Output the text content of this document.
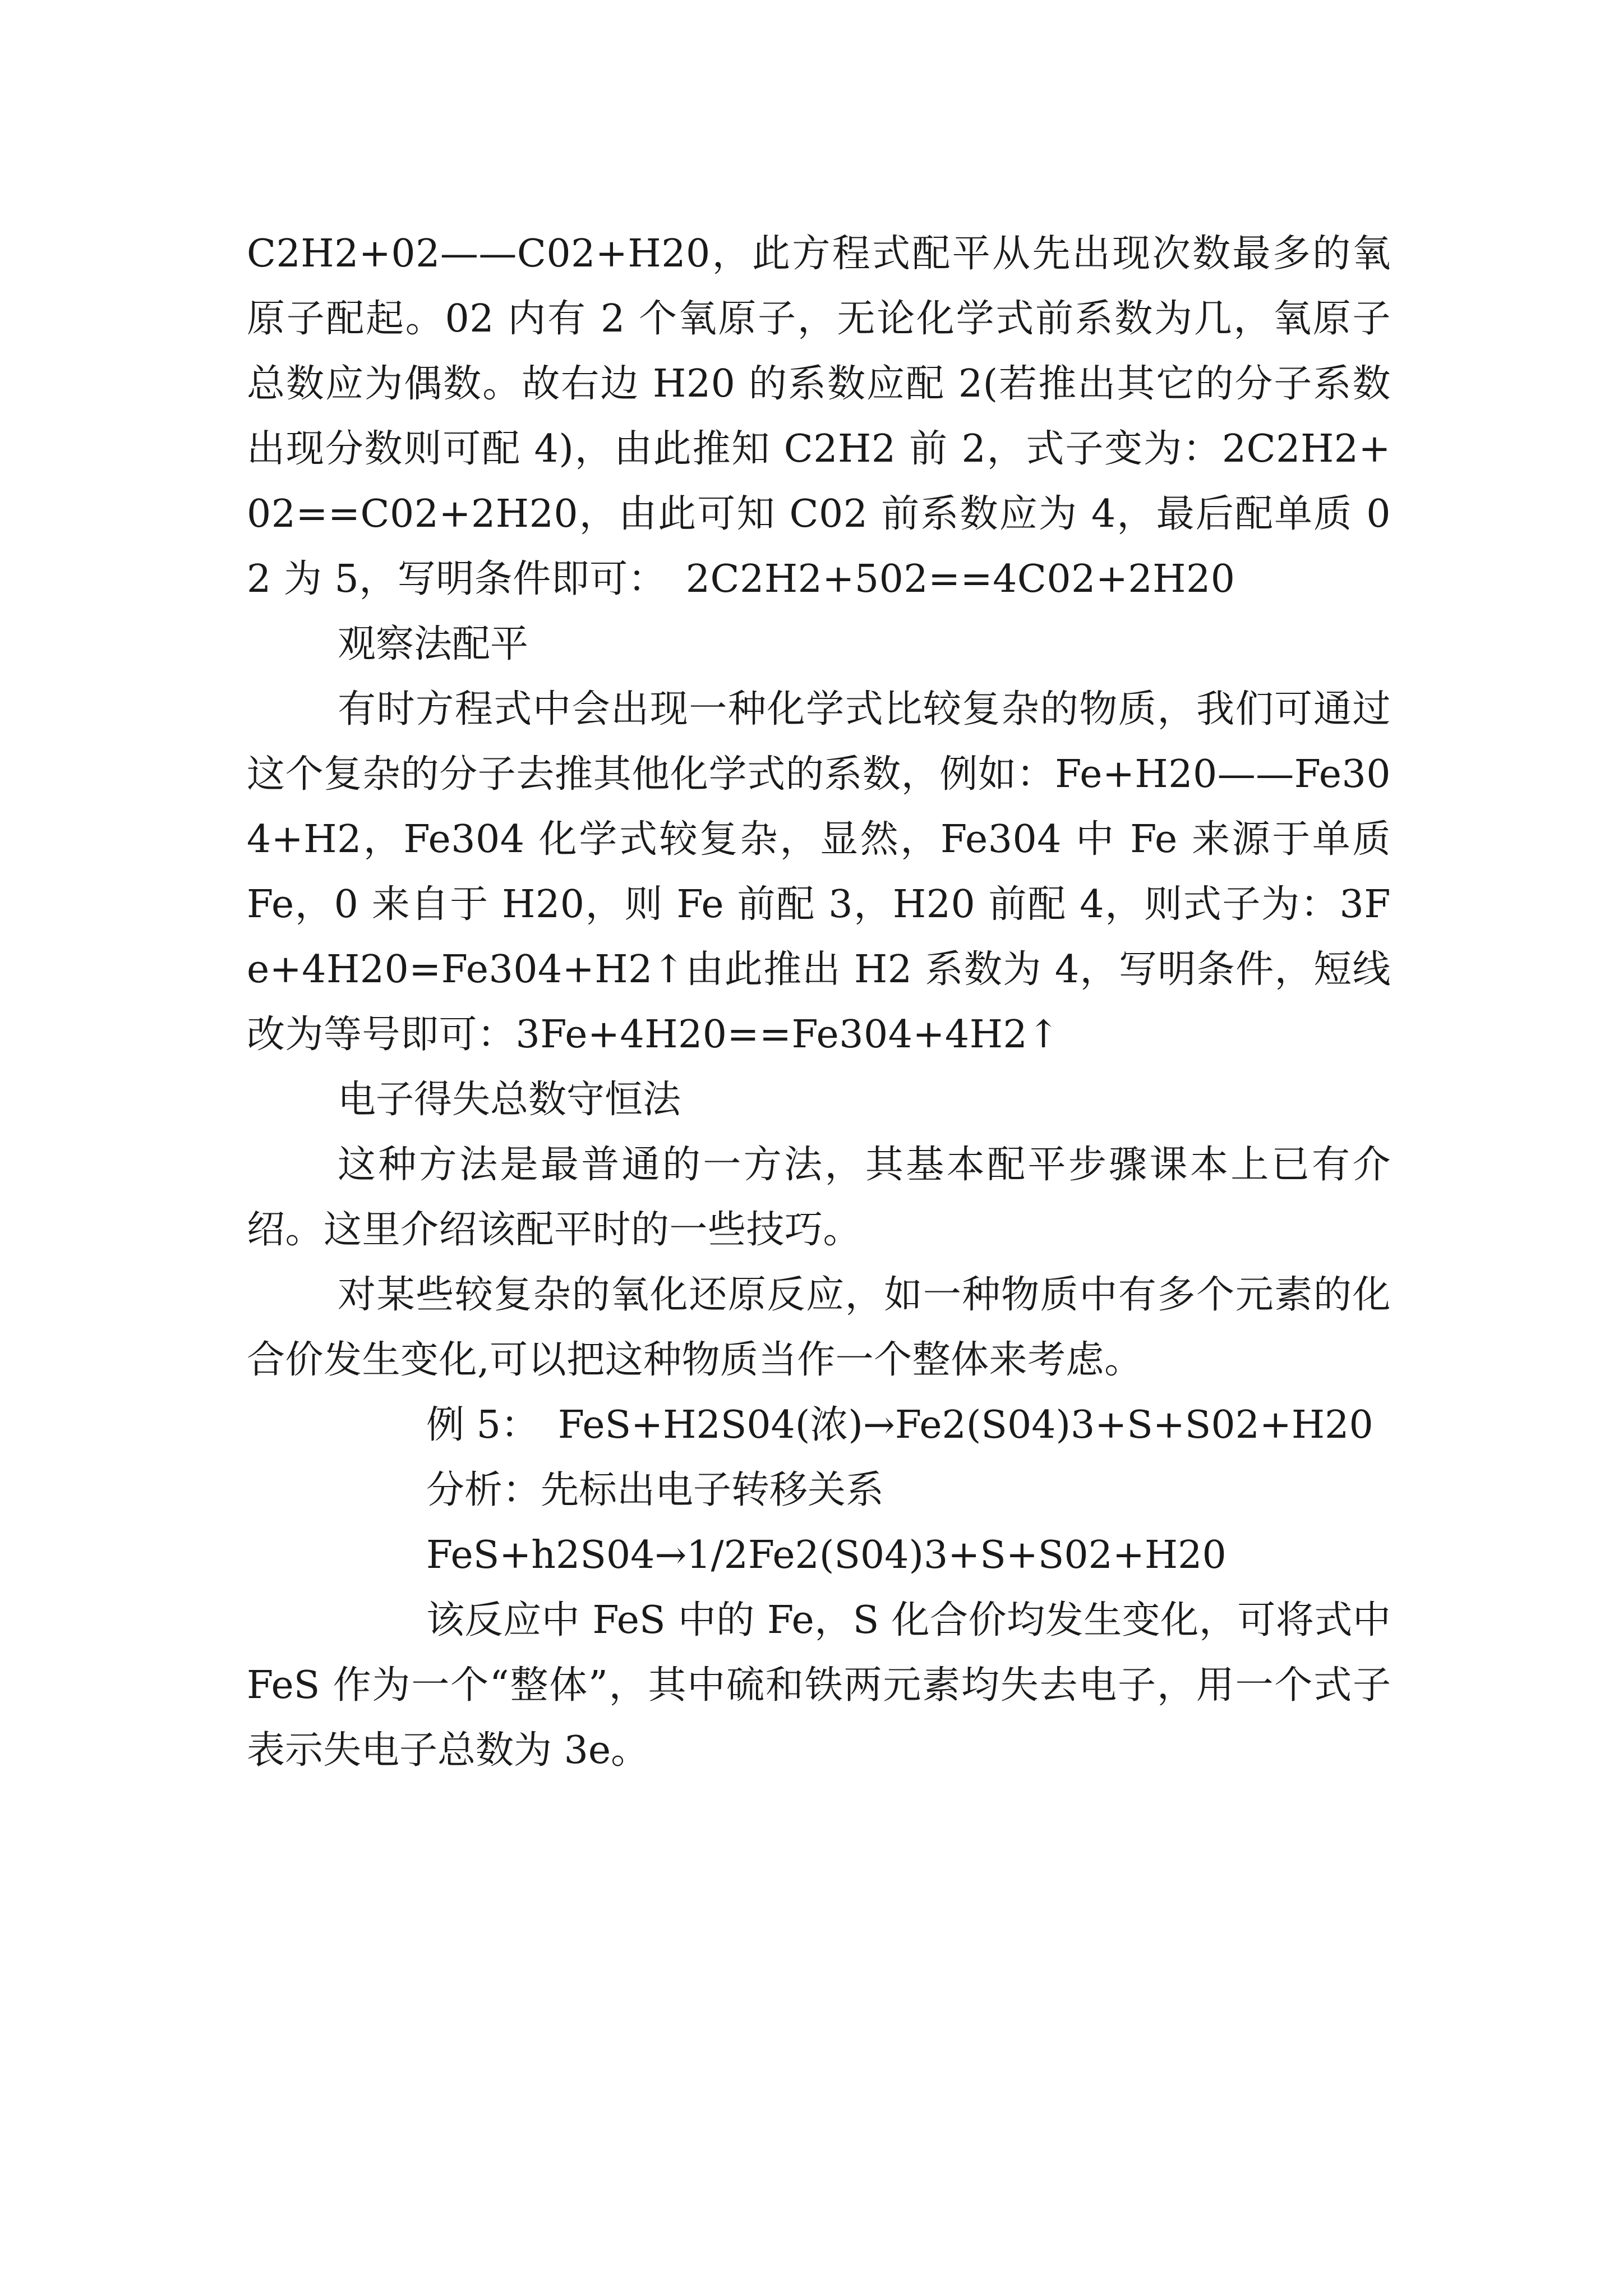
C2H2+02——C02+H20，此方程式配平从先出现次数最多的氧原子配起。02 内有 2 个氧原子，无论化学式前系数为几，氧原子总数应为偶数。故右边 H20 的系数应配 2(若推出其它的分子系数出现分数则可配 4)，由此推知 C2H2 前 2，式子变为：2C2H2+02==C02+2H20，由此可知 C02 前系数应为 4，最后配单质 02 为 5，写明条件即可：　2C2H2+502==4C02+2H20

观察法配平

有时方程式中会出现一种化学式比较复杂的物质，我们可通过这个复杂的分子去推其他化学式的系数，例如：Fe+H20——Fe304+H2，Fe304 化学式较复杂，显然，Fe304 中 Fe 来源于单质 Fe，0 来自于 H20，则 Fe 前配 3，H20 前配 4，则式子为：3Fe+4H20=Fe304+H2↑由此推出 H2 系数为 4，写明条件，短线改为等号即可：3Fe+4H20==Fe304+4H2↑

电子得失总数守恒法

这种方法是最普通的一方法，其基本配平步骤课本上已有介绍。这里介绍该配平时的一些技巧。

对某些较复杂的氧化还原反应，如一种物质中有多个元素的化合价发生变化,可以把这种物质当作一个整体来考虑。

例 5：　FeS+H2S04(浓)→Fe2(S04)3+S+S02+H20

分析：先标出电子转移关系

FeS+h2S04→1/2Fe2(S04)3+S+S02+H20

该反应中 FeS 中的 Fe，S 化合价均发生变化，可将式中 FeS 作为一个“整体”，其中硫和铁两元素均失去电子，用一个式子表示失电子总数为 3e。
